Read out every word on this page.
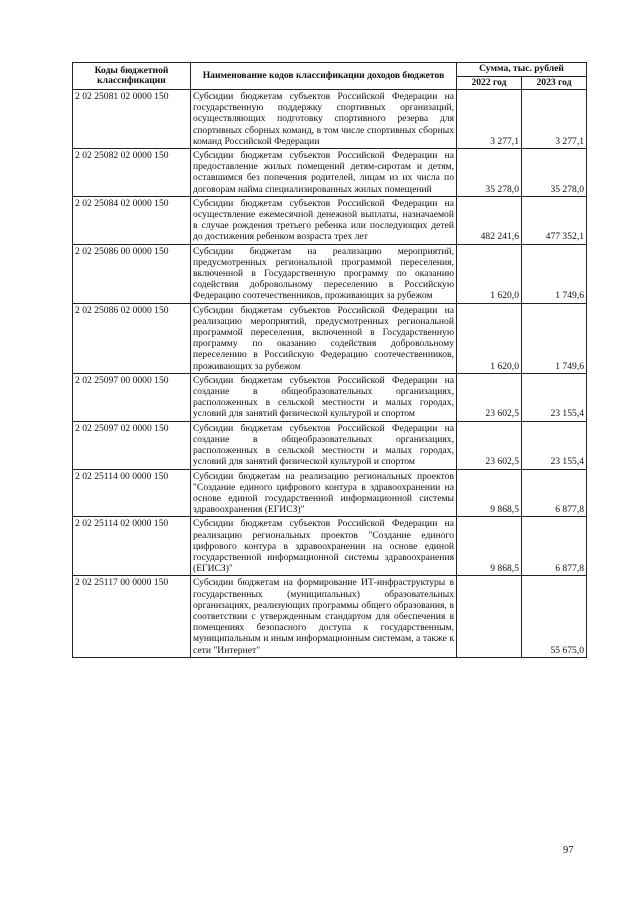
Коды бюджетной классификации	Наименование кодов классификации доходов бюджетов	Сумма, тыс. рублей	
		2022 год	2023 год
2 02 25081 02 0000 150	Субсидии бюджетам субъектов Российской Федерации на государственную поддержку спортивных организаций, осуществляющих подготовку спортивного резерва для спортивных сборных команд, в том числе спортивных сборных команд Российской Федерации	3 277,1	3 277,1
2 02 25082 02 0000 150	Субсидии бюджетам субъектов Российской Федерации на предоставление жилых помещений детям-сиротам и детям, оставшимся без попечения родителей, лицам из их числа по договорам найма специализированных жилых помещений	35 278,0	35 278,0
2 02 25084 02 0000 150	Субсидии бюджетам субъектов Российской Федерации на осуществление ежемесячной денежной выплаты, назначаемой в случае рождения третьего ребенка или последующих детей до достижения ребенком возраста трех лет	482 241,6	477 352,1
2 02 25086 00 0000 150	Субсидии бюджетам на реализацию мероприятий, предусмотренных региональной программой переселения, включенной в Государственную программу по оказанию содействия добровольному переселению в Российскую Федерацию соотечественников, проживающих за рубежом	1 620,0	1 749,6
2 02 25086 02 0000 150	Субсидии бюджетам субъектов Российской Федерации на реализацию мероприятий, предусмотренных региональной программой переселения, включенной в Государственную программу по оказанию содействия добровольному переселению в Российскую Федерацию соотечественников, проживающих за рубежом	1 620,0	1 749,6
2 02 25097 00 0000 150	Субсидии бюджетам субъектов Российской Федерации на создание в общеобразовательных организациях, расположенных в сельской местности и малых городах, условий для занятий физической культурой и спортом	23 602,5	23 155,4
2 02 25097 02 0000 150	Субсидии бюджетам субъектов Российской Федерации на создание в общеобразовательных организациях, расположенных в сельской местности и малых городах, условий для занятий физической культурой и спортом	23 602,5	23 155,4
2 02 25114 00 0000 150	Субсидии бюджетам на реализацию региональных проектов "Создание единого цифрового контура в здравоохранении на основе единой государственной информационной системы здравоохранения (ЕГИСЗ)"	9 868,5	6 877,8
2 02 25114 02 0000 150	Субсидии бюджетам субъектов Российской Федерации на реализацию региональных проектов "Создание единого цифрового контура в здравоохранении на основе единой государственной информационной системы здравоохранения (ЕГИСЗ)"	9 868,5	6 877,8
2 02 25117 00 0000 150	Субсидии бюджетам на формирование ИТ-инфраструктуры в государственных (муниципальных) образовательных организациях, реализующих программы общего образования, в соответствии с утвержденным стандартом для обеспечения в помещениях безопасного доступа к государственным, муниципальным и иным информационным системам, а также к сети "Интернет"		55 675,0
97
